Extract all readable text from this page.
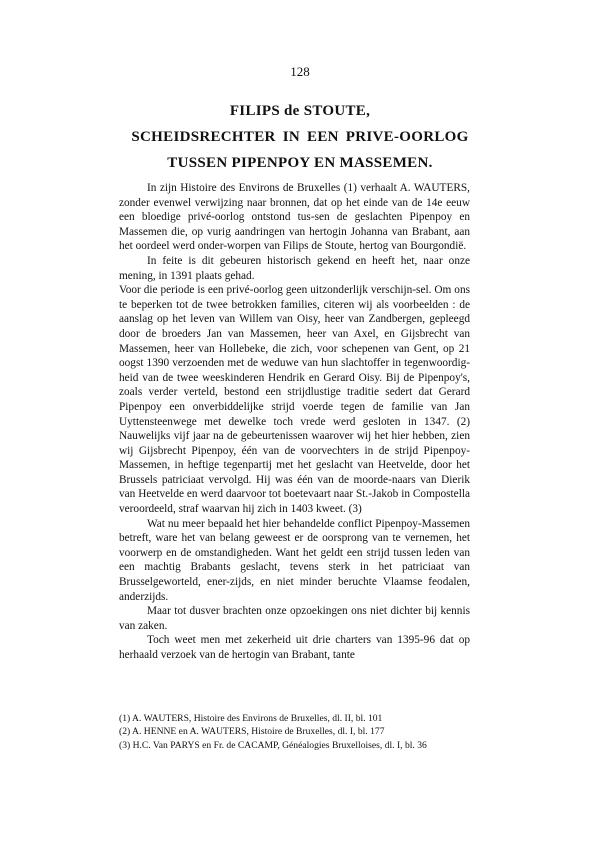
128
FILIPS de STOUTE,
SCHEIDSRECHTER IN EEN PRIVE-OORLOG
TUSSEN PIPENPOY EN MASSEMEN.

In zijn Histoire des Environs de Bruxelles (1) verhaalt A. WAUTERS, zonder evenwel verwijzing naar bronnen, dat op het einde van de 14e eeuw een bloedige privé-oorlog ontstond tus-sen de geslachten Pipenpoy en Massemen die, op vurig aandringen van hertogin Johanna van Brabant, aan het oordeel werd onder-worpen van Filips de Stoute, hertog van Bourgondië.

In feite is dit gebeuren historisch gekend en heeft het, naar onze mening, in 1391 plaats gehad.

Voor die periode is een privé-oorlog geen uitzonderlijk verschijn-sel. Om ons te beperken tot de twee betrokken families, citeren wij als voorbeelden : de aanslag op het leven van Willem van Oisy, heer van Zandbergen, gepleegd door de broeders Jan van Massemen, heer van Axel, en Gijsbrecht van Massemen, heer van Hollebeke, die zich, voor schepenen van Gent, op 21 oogst 1390 verzoenden met de weduwe van hun slachtoffer in tegenwoordig-heid van de twee weeskinderen Hendrik en Gerard Oisy. Bij de Pipenpoy's, zoals verder verteld, bestond een strijdlustige traditie sedert dat Gerard Pipenpoy een onverbiddelijke strijd voerde tegen de familie van Jan Uyttensteenwege met dewelke toch vrede werd gesloten in 1347. (2) Nauwelijks vijf jaar na de gebeurtenissen waarover wij het hier hebben, zien wij Gijsbrecht Pipenpoy, één van de voorvechters in de strijd Pipenpoy-Massemen, in heftige tegenpartij met het geslacht van Heetvelde, door het Brussels patriciaat vervolgd. Hij was één van de moorde-naars van Dierik van Heetvelde en werd daarvoor tot boetevaart naar St.-Jakob in Compostella veroordeeld, straf waarvan hij zich in 1403 kweet. (3)

Wat nu meer bepaald het hier behandelde conflict Pipenpoy-Massemen betreft, ware het van belang geweest er de oorsprong van te vernemen, het voorwerp en de omstandigheden. Want het geldt een strijd tussen leden van een machtig Brabants geslacht, tevens sterk in het patriciaat van Brusselgeworteld, ener-zijds, en niet minder beruchte Vlaamse feodalen, anderzijds.

Maar tot dusver brachten onze opzoekingen ons niet dichter bij kennis van zaken.

Toch weet men met zekerheid uit drie charters van 1395-96 dat op herhaald verzoek van de hertogin van Brabant, tante

(1) A. WAUTERS, Histoire des Environs de Bruxelles, dl. II, bl. 101
(2) A. HENNE en A. WAUTERS, Histoire de Bruxelles, dl. I, bl. 177
(3) H.C. Van PARYS en Fr. de CACAMP, Généalogies Bruxelloises, dl. I, bl. 36
